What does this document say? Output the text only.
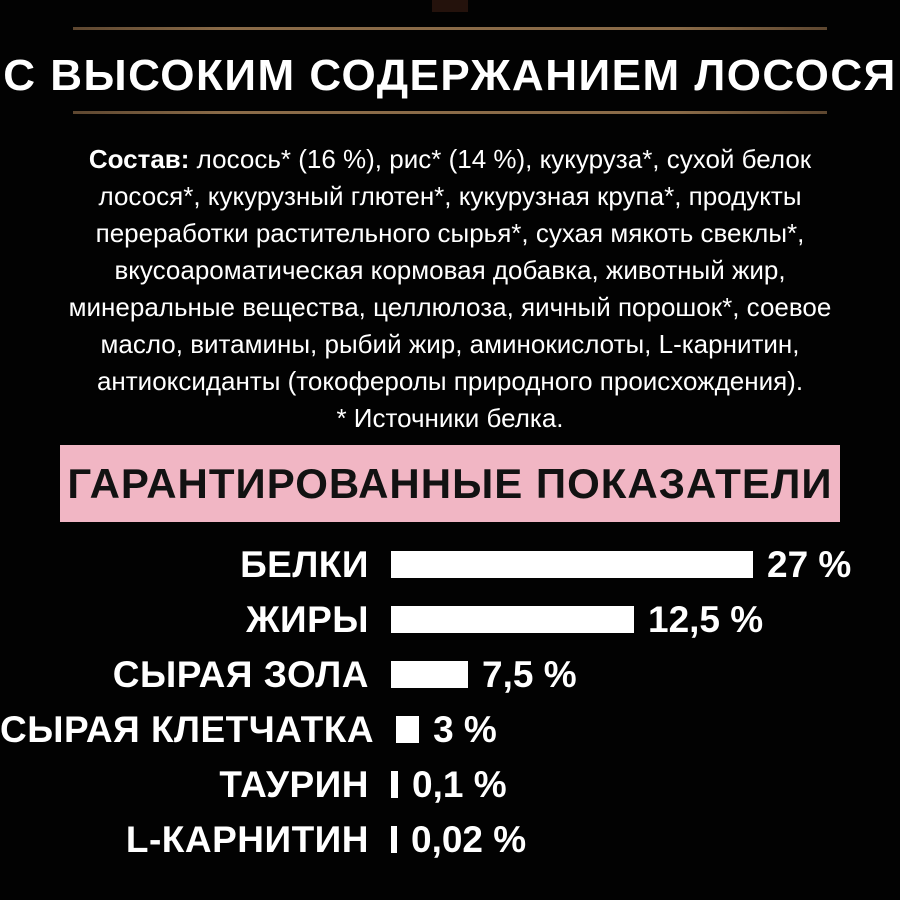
С ВЫСОКИМ СОДЕРЖАНИЕМ ЛОСОСЯ
Состав: лосось* (16 %), рис* (14 %), кукуруза*, сухой белок
лосося*, кукурузный глютен*, кукурузная крупа*, продукты
переработки растительного сырья*, сухая мякоть свеклы*,
вкусоароматическая кормовая добавка, животный жир,
минеральные вещества, целлюлоза, яичный порошок*, соевое
масло, витамины, рыбий жир, аминокислоты, L-карнитин,
антиоксиданты (токоферолы природного происхождения).
* Источники белка.
ГАРАНТИРОВАННЫЕ ПОКАЗАТЕЛИ
БЕЛКИ	27 %
ЖИРЫ	12,5 %
СЫРАЯ ЗОЛА	7,5 %
СЫРАЯ КЛЕТЧАТКА 3 %
ТАУРИН 0,1 %
L-КАРНИТИН 0,02 %
